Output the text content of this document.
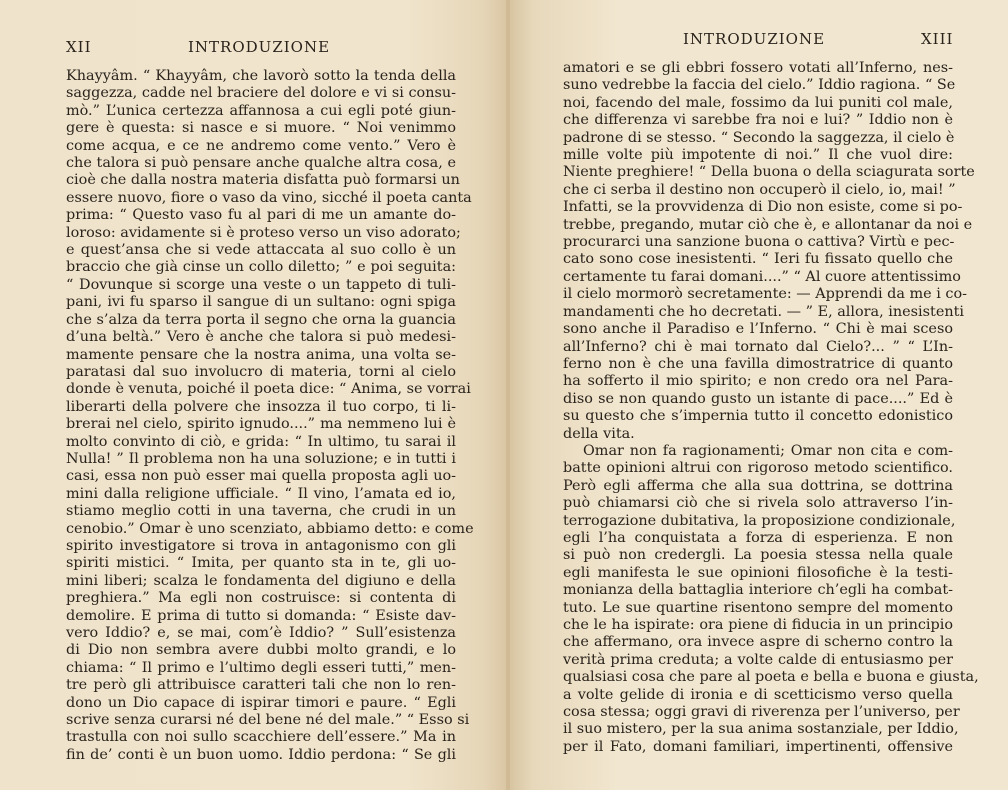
XII	INTRODUZIONE
Khayyâm. “ Khayyâm, che lavorò sotto la tenda della
saggezza, cadde nel braciere del dolore e vi si consu-
mò.” L’unica certezza affannosa a cui egli poté giun-
gere è questa: si nasce e si muore. “ Noi venimmo
come acqua, e ce ne andremo come vento.” Vero è
che talora si può pensare anche qualche altra cosa, e
cioè che dalla nostra materia disfatta può formarsi un
essere nuovo, fiore o vaso da vino, sicché il poeta canta
prima: “ Questo vaso fu al pari di me un amante do-
loroso: avidamente si è proteso verso un viso adorato;
e quest’ansa che si vede attaccata al suo collo è un
braccio che già cinse un collo diletto; ” e poi seguita:
“ Dovunque si scorge una veste o un tappeto di tuli-
pani, ivi fu sparso il sangue di un sultano: ogni spiga
che s’alza da terra porta il segno che orna la guancia
d’una beltà.” Vero è anche che talora si può medesi-
mamente pensare che la nostra anima, una volta se-
paratasi dal suo involucro di materia, torni al cielo
donde è venuta, poiché il poeta dice: “ Anima, se vorrai
liberarti della polvere che insozza il tuo corpo, ti li-
brerai nel cielo, spirito ignudo....” ma nemmeno lui è
molto convinto di ciò, e grida: “ In ultimo, tu sarai il
Nulla! ” Il problema non ha una soluzione; e in tutti i
casi, essa non può esser mai quella proposta agli uo-
mini dalla religione ufficiale. “ Il vino, l’amata ed io,
stiamo meglio cotti in una taverna, che crudi in un
cenobio.” Omar è uno scenziato, abbiamo detto: e come
spirito investigatore si trova in antagonismo con gli
spiriti mistici. “ Imita, per quanto sta in te, gli uo-
mini liberi; scalza le fondamenta del digiuno e della
preghiera.” Ma egli non costruisce: si contenta di
demolire. E prima di tutto si domanda: “ Esiste dav-
vero Iddio? e, se mai, com’è Iddio? ” Sull’esistenza
di Dio non sembra avere dubbi molto grandi, e lo
chiama: “ Il primo e l’ultimo degli esseri tutti,” men-
tre però gli attribuisce caratteri tali che non lo ren-
dono un Dio capace di ispirar timori e paure. “ Egli
scrive senza curarsi né del bene né del male.” “ Esso si
trastulla con noi sullo scacchiere dell’essere.” Ma in
fin de’ conti è un buon uomo. Iddio perdona: “ Se gli
INTRODUZIONE	XIII
amatori e se gli ebbri fossero votati all’Inferno, nes-
suno vedrebbe la faccia del cielo.” Iddio ragiona. “ Se
noi, facendo del male, fossimo da lui puniti col male,
che differenza vi sarebbe fra noi e lui? ” Iddio non è
padrone di se stesso. “ Secondo la saggezza, il cielo è
mille volte più impotente di noi.” Il che vuol dire:
Niente preghiere! “ Della buona o della sciagurata sorte
che ci serba il destino non occuperò il cielo, io, mai! ”
Infatti, se la provvidenza di Dio non esiste, come si po-
trebbe, pregando, mutar ciò che è, e allontanar da noi e
procurarci una sanzione buona o cattiva? Virtù e pec-
cato sono cose inesistenti. “ Ieri fu fissato quello che
certamente tu farai domani....” “ Al cuore attentissimo
il cielo mormorò secretamente: — Apprendi da me i co-
mandamenti che ho decretati. — ” E, allora, inesistenti
sono anche il Paradiso e l’Inferno. “ Chi è mai sceso
all’Inferno? chi è mai tornato dal Cielo?... ” “ L’In-
ferno non è che una favilla dimostratrice di quanto
ha sofferto il mio spirito; e non credo ora nel Para-
diso se non quando gusto un istante di pace....” Ed è
su questo che s’impernia tutto il concetto edonistico
della vita.
Omar non fa ragionamenti; Omar non cita e com-
batte opinioni altrui con rigoroso metodo scientifico.
Però egli afferma che alla sua dottrina, se dottrina
può chiamarsi ciò che si rivela solo attraverso l’in-
terrogazione dubitativa, la proposizione condizionale,
egli l’ha conquistata a forza di esperienza. E non
si può non credergli. La poesia stessa nella quale
egli manifesta le sue opinioni filosofiche è la testi-
monianza della battaglia interiore ch’egli ha combat-
tuto. Le sue quartine risentono sempre del momento
che le ha ispirate: ora piene di fiducia in un principio
che affermano, ora invece aspre di scherno contro la
verità prima creduta; a volte calde di entusiasmo per
qualsiasi cosa che pare al poeta e bella e buona e giusta,
a volte gelide di ironia e di scetticismo verso quella
cosa stessa; oggi gravi di riverenza per l’universo, per
il suo mistero, per la sua anima sostanziale, per Iddio,
per il Fato, domani familiari, impertinenti, offensive
